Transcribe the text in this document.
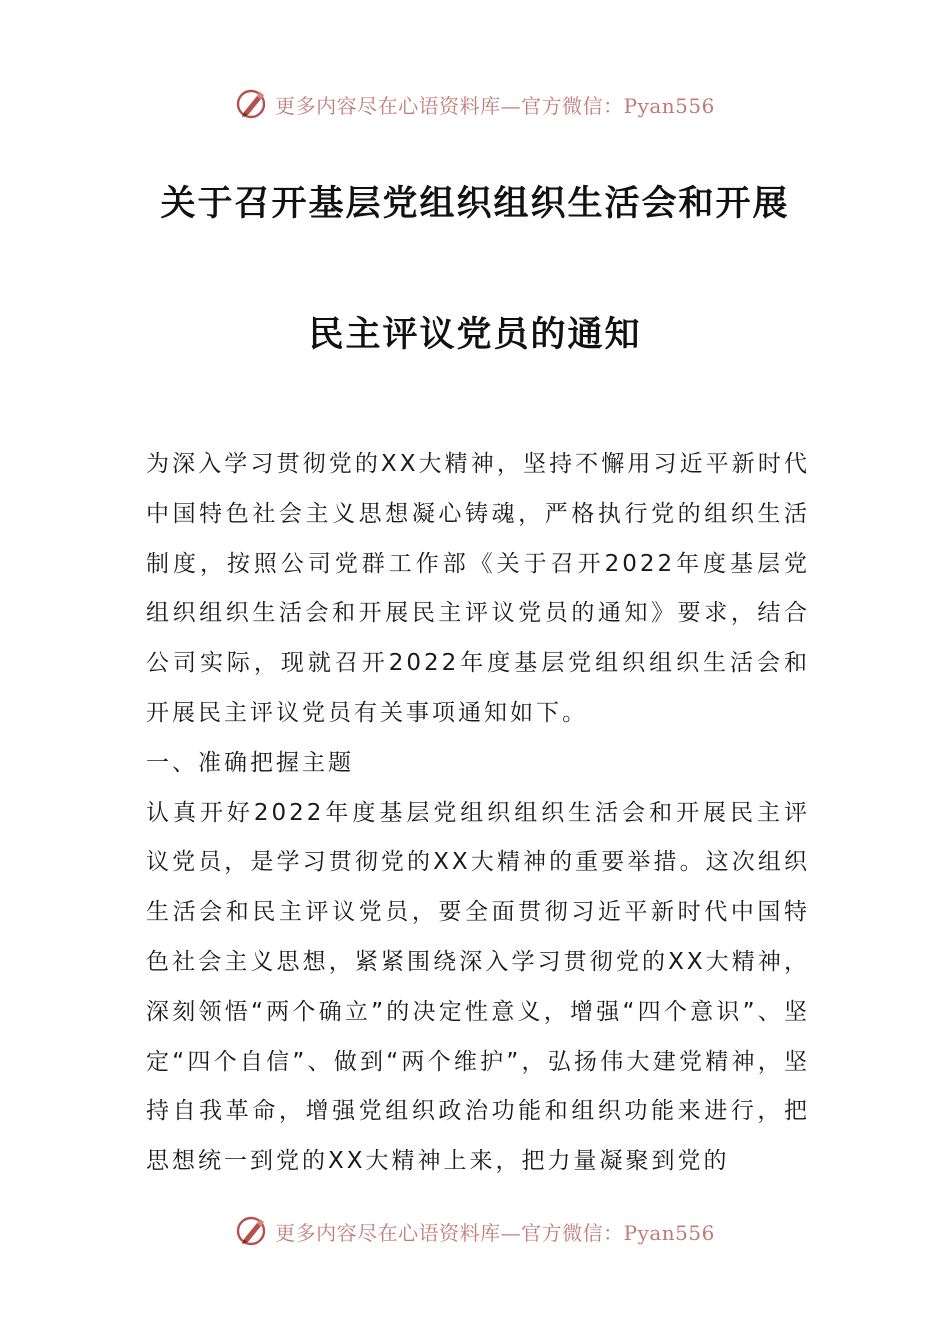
更多内容尽在心语资料库—官方微信：Pyan556
关于召开基层党组织组织生活会和开展
民主评议党员的通知

为深入学习贯彻党的XX大精神，坚持不懈用习近平新时代中国特色社会主义思想凝心铸魂，严格执行党的组织生活制度，按照公司党群工作部《关于召开2022年度基层党组织组织生活会和开展民主评议党员的通知》要求，结合公司实际，现就召开2022年度基层党组织组织生活会和开展民主评议党员有关事项通知如下。

一、准确把握主题

认真开好2022年度基层党组织组织生活会和开展民主评议党员，是学习贯彻党的XX大精神的重要举措。这次组织生活会和民主评议党员，要全面贯彻习近平新时代中国特色社会主义思想，紧紧围绕深入学习贯彻党的XX大精神，深刻领悟“两个确立”的决定性意义，增强“四个意识”、坚定“四个自信”、做到“两个维护”，弘扬伟大建党精神，坚持自我革命，增强党组织政治功能和组织功能来进行，把思想统一到党的XX大精神上来，把力量凝聚到党的

更多内容尽在心语资料库—官方微信：Pyan556
